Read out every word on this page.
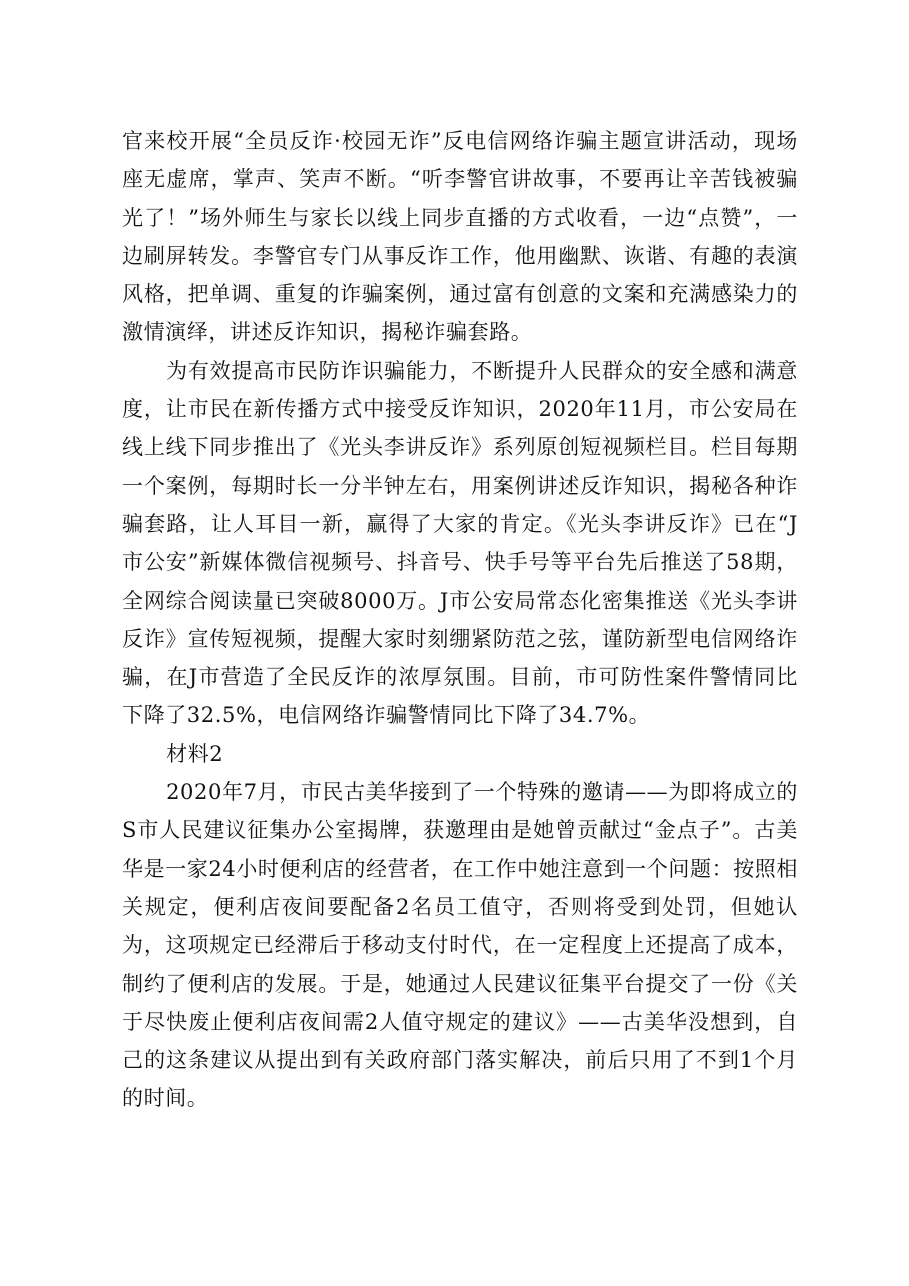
官来校开展“全员反诈·校园无诈”反电信网络诈骗主题宣讲活动，现场座无虚席，掌声、笑声不断。“听李警官讲故事，不要再让辛苦钱被骗光了！”场外师生与家长以线上同步直播的方式收看，一边“点赞”，一边刷屏转发。李警官专门从事反诈工作，他用幽默、诙谐、有趣的表演风格，把单调、重复的诈骗案例，通过富有创意的文案和充满感染力的激情演绎，讲述反诈知识，揭秘诈骗套路。

为有效提高市民防诈识骗能力，不断提升人民群众的安全感和满意度，让市民在新传播方式中接受反诈知识，2020年11月，市公安局在线上线下同步推出了《光头李讲反诈》系列原创短视频栏目。栏目每期一个案例，每期时长一分半钟左右，用案例讲述反诈知识，揭秘各种诈骗套路，让人耳目一新，赢得了大家的肯定。《光头李讲反诈》已在“J市公安”新媒体微信视频号、抖音号、快手号等平台先后推送了58期，全网综合阅读量已突破8000万。J市公安局常态化密集推送《光头李讲反诈》宣传短视频，提醒大家时刻绷紧防范之弦，谨防新型电信网络诈骗，在J市营造了全民反诈的浓厚氛围。目前，市可防性案件警情同比下降了32.5%，电信网络诈骗警情同比下降了34.7%。

材料2

2020年7月，市民古美华接到了一个特殊的邀请——为即将成立的S市人民建议征集办公室揭牌，获邀理由是她曾贡献过“金点子”。古美华是一家24小时便利店的经营者，在工作中她注意到一个问题：按照相关规定，便利店夜间要配备2名员工值守，否则将受到处罚，但她认为，这项规定已经滞后于移动支付时代，在一定程度上还提高了成本，制约了便利店的发展。于是，她通过人民建议征集平台提交了一份《关于尽快废止便利店夜间需2人值守规定的建议》——古美华没想到，自己的这条建议从提出到有关政府部门落实解决，前后只用了不到1个月的时间。
